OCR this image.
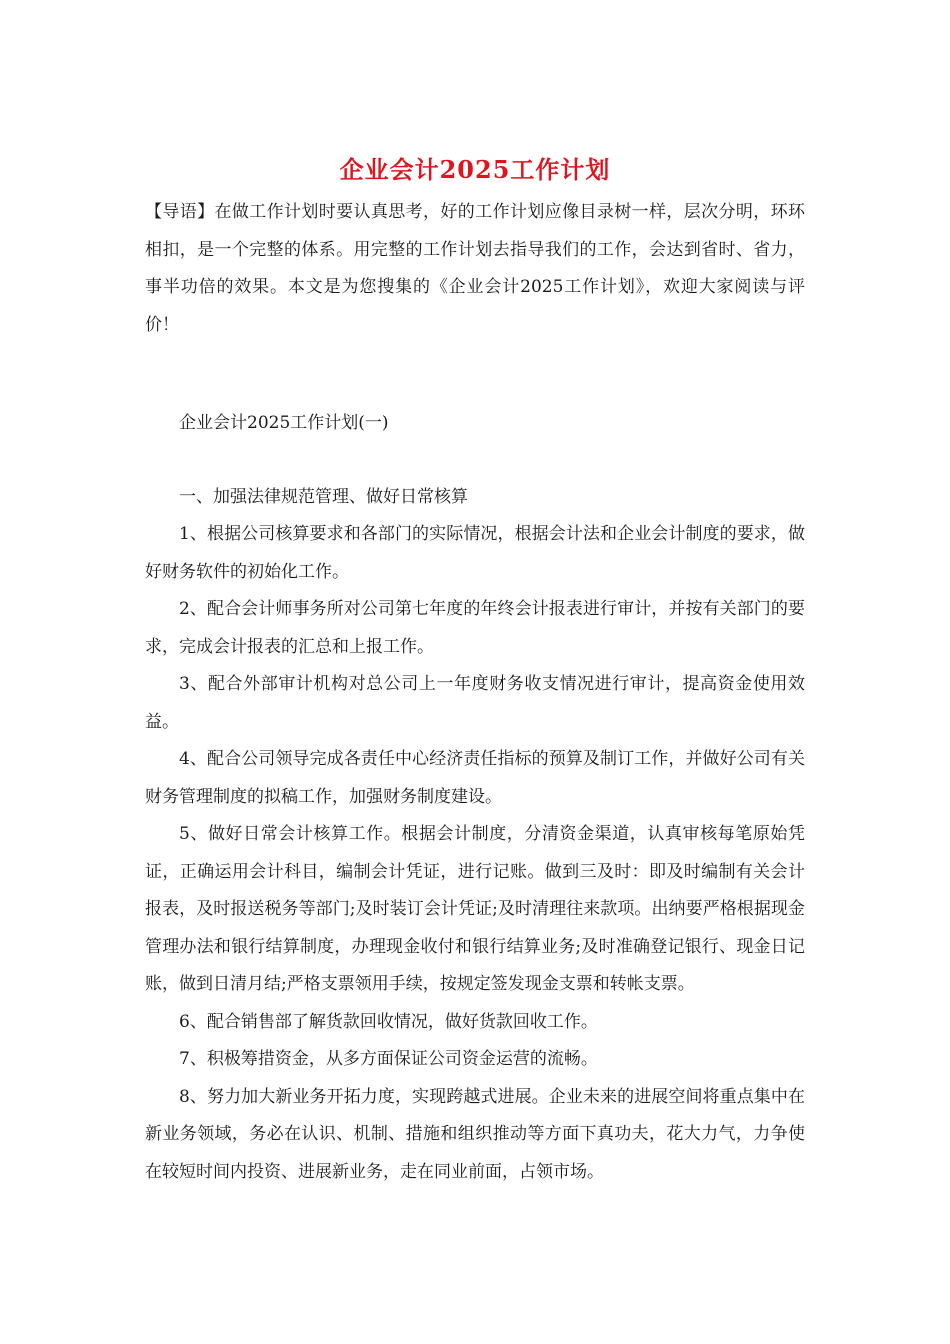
企业会计2025工作计划

【导语】在做工作计划时要认真思考，好的工作计划应像目录树一样，层次分明，环环相扣，是一个完整的体系。用完整的工作计划去指导我们的工作，会达到省时、省力，事半功倍的效果。本文是为您搜集的《企业会计2025工作计划》，欢迎大家阅读与评价！

企业会计2025工作计划(一)

一、加强法律规范管理、做好日常核算

1、根据公司核算要求和各部门的实际情况，根据会计法和企业会计制度的要求，做好财务软件的初始化工作。

2、配合会计师事务所对公司第七年度的年终会计报表进行审计，并按有关部门的要求，完成会计报表的汇总和上报工作。

3、配合外部审计机构对总公司上一年度财务收支情况进行审计，提高资金使用效益。

4、配合公司领导完成各责任中心经济责任指标的预算及制订工作，并做好公司有关财务管理制度的拟稿工作，加强财务制度建设。

5、做好日常会计核算工作。根据会计制度，分清资金渠道，认真审核每笔原始凭证，正确运用会计科目，编制会计凭证，进行记账。做到三及时：即及时编制有关会计报表，及时报送税务等部门;及时装订会计凭证;及时清理往来款项。出纳要严格根据现金管理办法和银行结算制度，办理现金收付和银行结算业务;及时准确登记银行、现金日记账，做到日清月结;严格支票领用手续，按规定签发现金支票和转帐支票。

6、配合销售部了解货款回收情况，做好货款回收工作。

7、积极筹措资金，从多方面保证公司资金运营的流畅。

8、努力加大新业务开拓力度，实现跨越式进展。企业未来的进展空间将重点集中在新业务领域，务必在认识、机制、措施和组织推动等方面下真功夫，花大力气，力争使在较短时间内投资、进展新业务，走在同业前面，占领市场。
